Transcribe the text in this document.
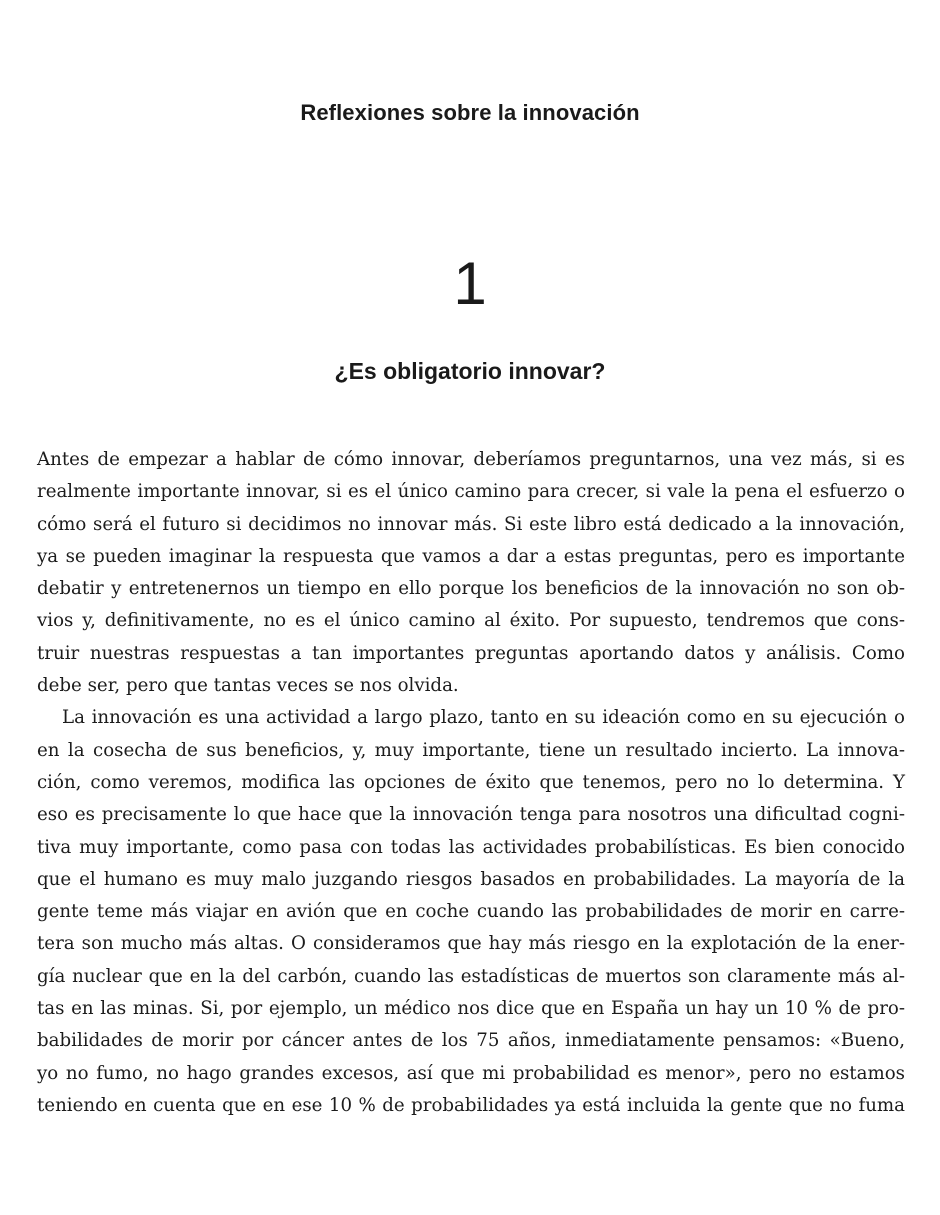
Reflexiones sobre la innovación
1
¿Es obligatorio innovar?
Antes de empezar a hablar de cómo innovar, deberíamos preguntarnos, una vez más, si es
realmente importante innovar, si es el único camino para crecer, si vale la pena el esfuerzo o
cómo será el futuro si decidimos no innovar más. Si este libro está dedicado a la innovación,
ya se pueden imaginar la respuesta que vamos a dar a estas preguntas, pero es importante
debatir y entretenernos un tiempo en ello porque los beneficios de la innovación no son ob-
vios y, definitivamente, no es el único camino al éxito. Por supuesto, tendremos que cons-
truir nuestras respuestas a tan importantes preguntas aportando datos y análisis. Como
debe ser, pero que tantas veces se nos olvida.
La innovación es una actividad a largo plazo, tanto en su ideación como en su ejecución o
en la cosecha de sus beneficios, y, muy importante, tiene un resultado incierto. La innova-
ción, como veremos, modifica las opciones de éxito que tenemos, pero no lo determina. Y
eso es precisamente lo que hace que la innovación tenga para nosotros una dificultad cogni-
tiva muy importante, como pasa con todas las actividades probabilísticas. Es bien conocido
que el humano es muy malo juzgando riesgos basados en probabilidades. La mayoría de la
gente teme más viajar en avión que en coche cuando las probabilidades de morir en carre-
tera son mucho más altas. O consideramos que hay más riesgo en la explotación de la ener-
gía nuclear que en la del carbón, cuando las estadísticas de muertos son claramente más al-
tas en las minas. Si, por ejemplo, un médico nos dice que en España un hay un 10 % de pro-
babilidades de morir por cáncer antes de los 75 años, inmediatamente pensamos: «Bueno,
yo no fumo, no hago grandes excesos, así que mi probabilidad es menor», pero no estamos
teniendo en cuenta que en ese 10 % de probabilidades ya está incluida la gente que no fuma
